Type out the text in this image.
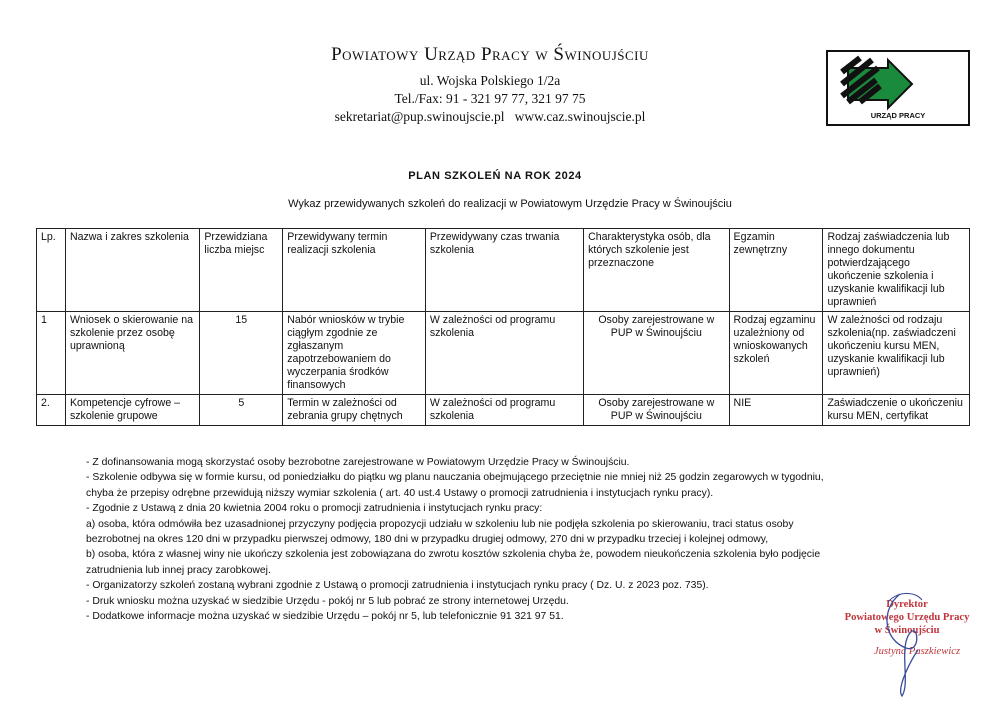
Powiatowy Urząd Pracy w Świnoujściu

ul. Wojska Polskiego 1/2a

Tel./Fax: 91 - 321 97 77, 321 97 75

sekretariat@pup.swinoujscie.pl   www.caz.swinoujscie.pl	URZĄD PRACY
PLAN SZKOLEŃ NA ROK 2024
Wykaz przewidywanych szkoleń do realizacji w Powiatowym Urzędzie Pracy w Świnoujściu
Lp.	Nazwa i zakres szkolenia	Przewidziana liczba miejsc	Przewidywany termin realizacji szkolenia	Przewidywany czas trwania szkolenia	Charakterystyka osób, dla których szkolenie jest przeznaczone	Egzamin zewnętrzny	Rodzaj zaświadczenia lub innego dokumentu potwierdzającego ukończenie szkolenia i uzyskanie kwalifikacji lub uprawnień
1	Wniosek o skierowanie na szkolenie przez osobę uprawnioną	15	Nabór wniosków w trybie ciągłym zgodnie ze zgłaszanym zapotrzebowaniem do wyczerpania środków finansowych	W zależności od programu szkolenia	Osoby zarejestrowane w PUP w Świnoujściu	Rodzaj egzaminu uzależniony od wnioskowanych szkoleń	W zależności od rodzaju szkolenia(np. zaświadczeni ukończeniu kursu MEN, uzyskanie kwalifikacji lub uprawnień)
2.	Kompetencje cyfrowe – szkolenie grupowe	5	Termin w zależności od zebrania grupy chętnych	W zależności od programu szkolenia	Osoby zarejestrowane w PUP w Świnoujściu	NIE	Zaświadczenie o ukończeniu kursu MEN, certyfikat

- Z dofinansowania mogą skorzystać osoby bezrobotne zarejestrowane w Powiatowym Urzędzie Pracy w Świnoujściu.

- Szkolenie odbywa się w formie kursu, od poniedziałku do piątku wg planu nauczania obejmującego przeciętnie nie mniej niż 25 godzin zegarowych w tygodniu,
chyba że przepisy odrębne przewidują niższy wymiar szkolenia ( art. 40 ust.4 Ustawy o promocji zatrudnienia i instytucjach rynku pracy).

- Zgodnie z Ustawą z dnia 20 kwietnia 2004 roku o promocji zatrudnienia i instytucjach rynku pracy:

a) osoba, która odmówiła bez uzasadnionej przyczyny podjęcia propozycji udziału w szkoleniu lub nie podjęła szkolenia po skierowaniu, traci status osoby
bezrobotnej na okres 120 dni w przypadku pierwszej odmowy, 180 dni w przypadku drugiej odmowy, 270 dni w przypadku trzeciej i kolejnej odmowy,

b) osoba, która z własnej winy nie ukończy szkolenia jest zobowiązana do zwrotu kosztów szkolenia chyba że, powodem nieukończenia szkolenia było podjęcie
zatrudnienia lub innej pracy zarobkowej.

- Organizatorzy szkoleń zostaną wybrani zgodnie z Ustawą o promocji zatrudnienia i instytucjach rynku pracy ( Dz. U. z 2023 poz. 735).

- Druk wniosku można uzyskać w siedzibie Urzędu - pokój nr 5 lub pobrać ze strony internetowej Urzędu.

- Dodatkowe informacje można uzyskać w siedzibie Urzędu – pokój nr 5, lub telefonicznie 91 321 97 51.

Dyrektor
Powiatowego Urzędu Pracy
w Świnoujściu
Justyna Paszkiewicz
